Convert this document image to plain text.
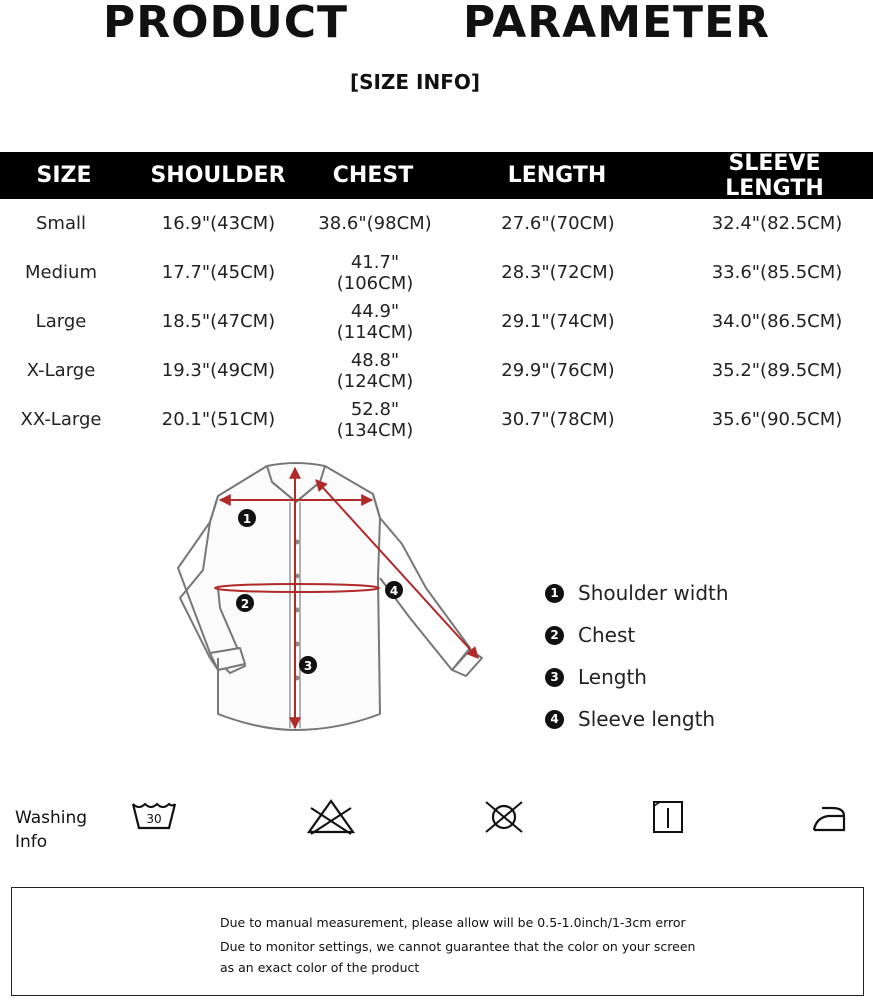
PRODUCT   PARAMETER
[SIZE INFO]
SIZE	SHOULDER	CHEST	LENGTH	SLEEVE LENGTH
Small	16.9"(43CM)	38.6"(98CM)	27.6"(70CM)	32.4"(82.5CM)
Medium	17.7"(45CM)	41.7"(106CM)	28.3"(72CM)	33.6"(85.5CM)
Large	18.5"(47CM)	44.9"(114CM)	29.1"(74CM)	34.0"(86.5CM)
X-Large	19.3"(49CM)	48.8"(124CM)	29.9"(76CM)	35.2"(89.5CM)
XX-Large	20.1"(51CM)	52.8"(134CM)	30.7"(78CM)	35.6"(90.5CM)
1
2
3
4	1 Shoulder width
2 Chest
3 Length
4 Sleeve length
Washing
Info
30
Due to manual measurement, please allow will be 0.5-1.0inch/1-3cm error
Due to monitor settings, we cannot guarantee that the color on your screen
as an exact color of the product
